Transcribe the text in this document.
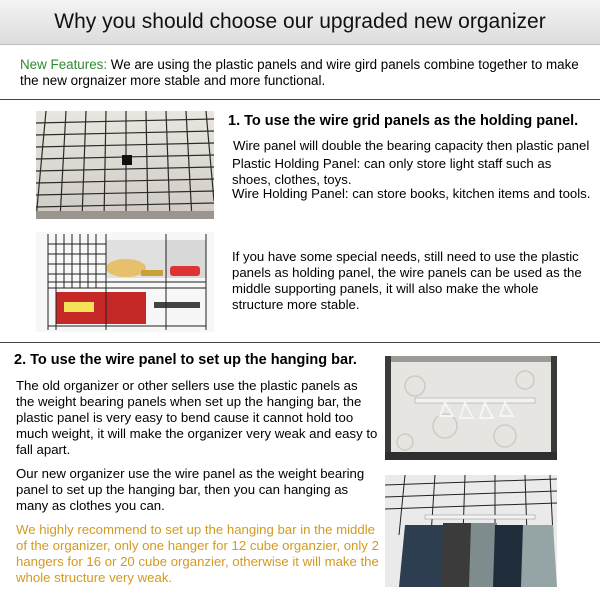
Why you should choose our upgraded new organizer
New Features: We are using the plastic panels and wire gird panels combine together to make the new orgnaizer more stable and more functional.
1. To use the wire grid panels as the holding panel.
Wire panel will double the bearing capacity then plastic panel
Plastic Holding Panel: can only store light staff such as shoes, clothes, toys.
Wire Holding Panel: can store books, kitchen items and tools.
If you have some special needs, still need to use the plastic panels as holding panel, the wire panels can be used as the middle supporting panels, it will also make the whole structure more stable.
2. To use the wire panel to set up the hanging bar.
The old organizer or other sellers use the plastic panels as the weight bearing panels when set up the hanging bar, the plastic panel is very easy to bend cause it cannot hold too much weight, it will make the organizer very weak and easy to fall apart.
Our new organizer use the wire panel as the weight bearing panel to set up the hanging bar, then you can hanging as many as clothes you can.
We highly recommend to set up the hanging bar in the middle of the organizer, only one hanger for 12 cube organzier, only 2 hangers for 16 or 20 cube organzier, otherwise it will make the whole structure very weak.
